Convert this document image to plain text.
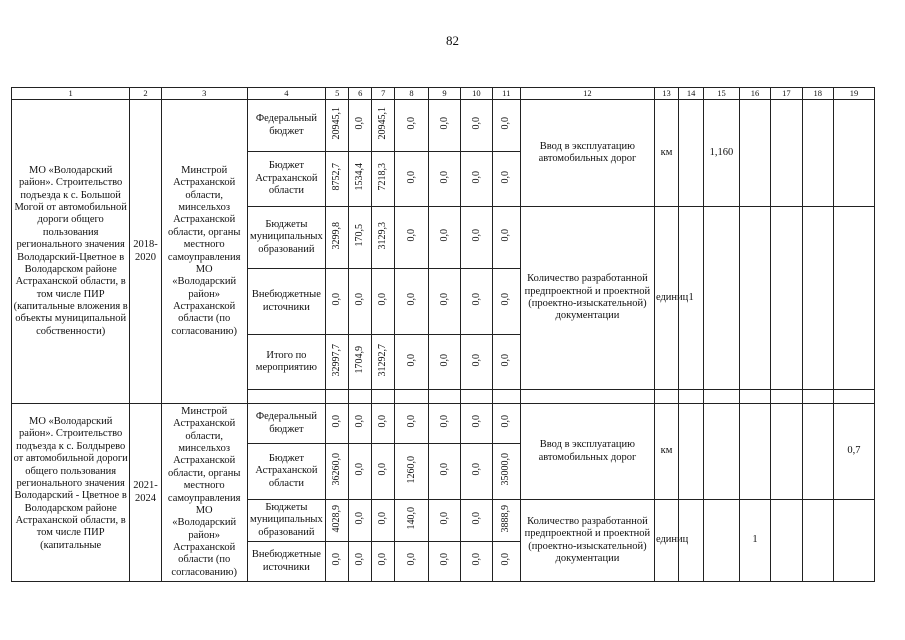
82
1	2	3	4	5	6	7	8	9	10	11	12	13	14	15	16	17	18	19
МО «Володарский район». Строительство подъезда к с. Большой Могой от автомобильной дороги общего пользования регионального значения Володарский-Цветное в Володарском районе Астраханской области, в том числе ПИР (капитальные вложения в объекты муниципальной собственности)	2018-2020	Минстрой Астраханской области, минсельхоз Астраханской области, органы местного самоуправления МО «Володарский район» Астраханской области (по согласованию)	Федеральный бюджет	20945,1	0,0	20945,1	0,0	0,0	0,0	0,0	Ввод в эксплуатацию автомобильных дорог	км		1,160				
			Бюджет Астраханской области	8752,7	1534,4	7218,3	0,0	0,0	0,0	0,0								
			Бюджеты муниципальных образований	3299,8	170,5	3129,3	0,0	0,0	0,0	0,0	Количество разработанной предпроектной и проектной (проектно-изыскательной) документации	единиц	1					
			Внебюджетные источники	0,0	0,0	0,0	0,0	0,0	0,0	0,0								
			Итого по мероприятию	32997,7	1704,9	31292,7	0,0	0,0	0,0	0,0								

МО «Володарский район». Строительство подъезда к с. Болдырево от автомобильной дороги общего пользования регионального значения Володарский - Цветное в Володарском районе Астраханской области, в том числе ПИР (капитальные	2021-2024	Минстрой Астраханской области, минсельхоз Астраханской области, органы местного самоуправления МО «Володарский район» Астраханской области (по согласованию)	Федеральный бюджет	0,0	0,0	0,0	0,0	0,0	0,0	0,0	Ввод в эксплуатацию автомобильных дорог	км						0,7
			Бюджет Астраханской области	36260,0	0,0	0,0	1260,0	0,0	0,0	35000,0								
			Бюджеты муниципальных образований	4028,9	0,0	0,0	140,0	0,0	0,0	3888,9	Количество разработанной предпроектной и проектной (проектно-изыскательной) документации	единиц			1			
			Внебюджетные источники	0,0	0,0	0,0	0,0	0,0	0,0	0,0								
